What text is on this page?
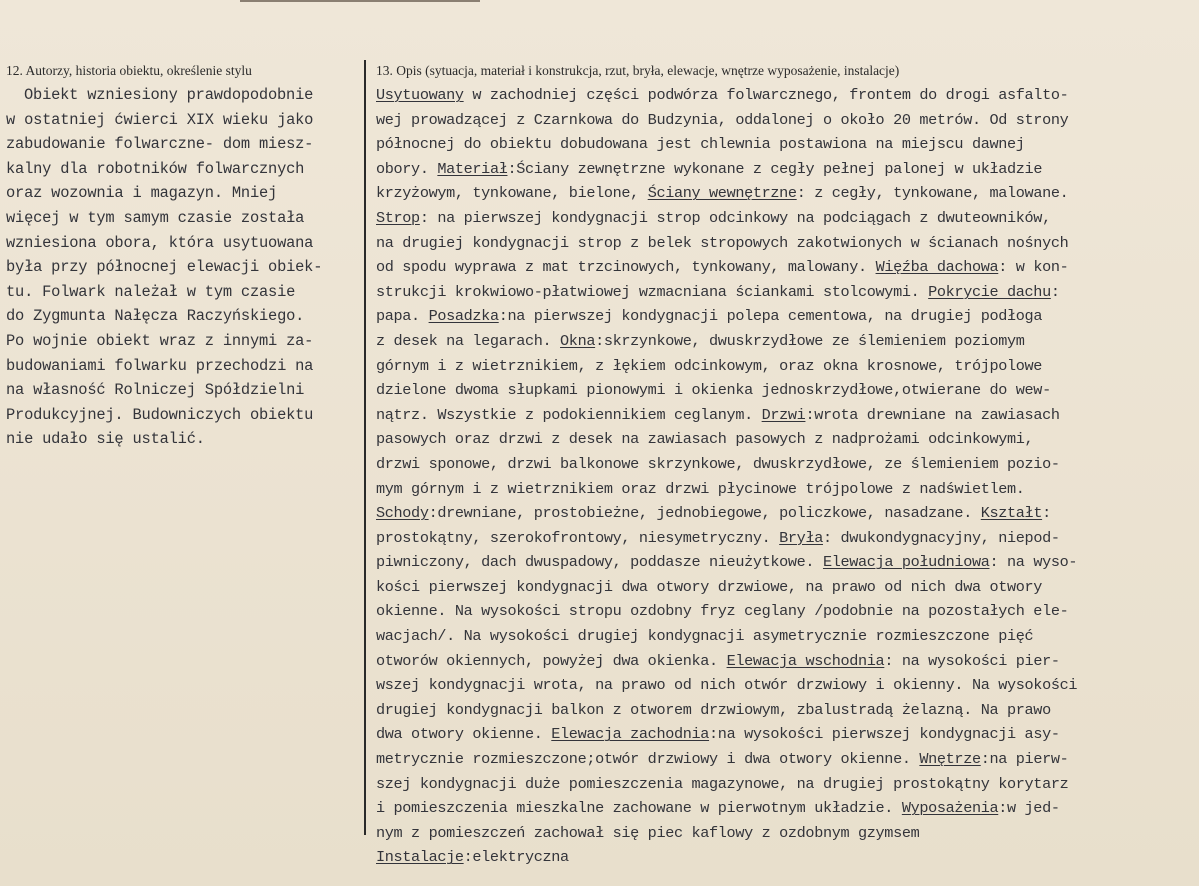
12. Autorzy, historia obiektu, określenie stylu
Obiekt wzniesiony prawdopodobnie
w ostatniej ćwierci XIX wieku jako
zabudowanie folwarczne- dom miesz-
kalny dla robotników folwarcznych
oraz wozownia i magazyn. Mniej
więcej w tym samym czasie została
wzniesiona obora, która usytuowana
była przy północnej elewacji obiek-
tu. Folwark należał w tym czasie
do Zygmunta Nałęcza Raczyńskiego.
Po wojnie obiekt wraz z innymi za-
budowaniami folwarku przechodzi na
na własność Rolniczej Spółdzielni
Produkcyjnej. Budowniczych obiektu
nie udało się ustalić.
13. Opis (sytuacja, materiał i konstrukcja, rzut, bryła, elewacje, wnętrze wyposażenie, instalacje)
Usytuowany w zachodniej części podwórza folwarcznego, frontem do drogi asfalto-
wej prowadzącej z Czarnkowa do Budzynia, oddalonej o około 20 metrów. Od strony
północnej do obiektu dobudowana jest chlewnia postawiona na miejscu dawnej
obory. Materiał:Ściany zewnętrzne wykonane z cegły pełnej palonej w układzie
krzyżowym, tynkowane, bielone, Ściany wewnętrzne: z cegły, tynkowane, malowane.
Strop: na pierwszej kondygnacji strop odcinkowy na podciągach z dwuteowników,
na drugiej kondygnacji strop z belek stropowych zakotwionych w ścianach nośnych
od spodu wyprawa z mat trzcinowych, tynkowany, malowany. Więźba dachowa: w kon-
strukcji krokwiowo-płatwiowej wzmacniana ściankami stolcowymi. Pokrycie dachu:
papa. Posadzka:na pierwszej kondygnacji polepa cementowa, na drugiej podłoga
z desek na legarach. Okna:skrzynkowe, dwuskrzydłowe ze ślemieniem poziomym
górnym i z wietrznikiem, z łękiem odcinkowym, oraz okna krosnowe, trójpolowe
dzielone dwoma słupkami pionowymi i okienka jednoskrzydłowe,otwierane do wew-
nątrz. Wszystkie z podokiennikiem ceglanym. Drzwi:wrota drewniane na zawiasach
pasowych oraz drzwi z desek na zawiasach pasowych z nadprożami odcinkowymi,
drzwi sponowe, drzwi balkonowe skrzynkowe, dwuskrzydłowe, ze ślemieniem pozio-
mym górnym i z wietrznikiem oraz drzwi płycinowe trójpolowe z nadświetlem.
Schody:drewniane, prostobieżne, jednobiegowe, policzkowe, nasadzane. Kształt:
prostokątny, szerokofrontowy, niesymetryczny. Bryła: dwukondygnacyjny, niepod-
piwniczony, dach dwuspadowy, poddasze nieużytkowe. Elewacja południowa: na wyso-
kości pierwszej kondygnacji dwa otwory drzwiowe, na prawo od nich dwa otwory
okienne. Na wysokości stropu ozdobny fryz ceglany /podobnie na pozostałych ele-
wacjach/. Na wysokości drugiej kondygnacji asymetrycznie rozmieszczone pięć
otworów okiennych, powyżej dwa okienka. Elewacja wschodnia: na wysokości pier-
wszej kondygnacji wrota, na prawo od nich otwór drzwiowy i okienny. Na wysokości
drugiej kondygnacji balkon z otworem drzwiowym, zbalustradą żelazną. Na prawo
dwa otwory okienne. Elewacja zachodnia:na wysokości pierwszej kondygnacji asy-
metrycznie rozmieszczone;otwór drzwiowy i dwa otwory okienne. Wnętrze:na pierw-
szej kondygnacji duże pomieszczenia magazynowe, na drugiej prostokątny korytarz
i pomieszczenia mieszkalne zachowane w pierwotnym układzie. Wyposażenia:w jed-
nym z pomieszczeń zachował się piec kaflowy z ozdobnym gzymsem
Instalacje:elektryczna
